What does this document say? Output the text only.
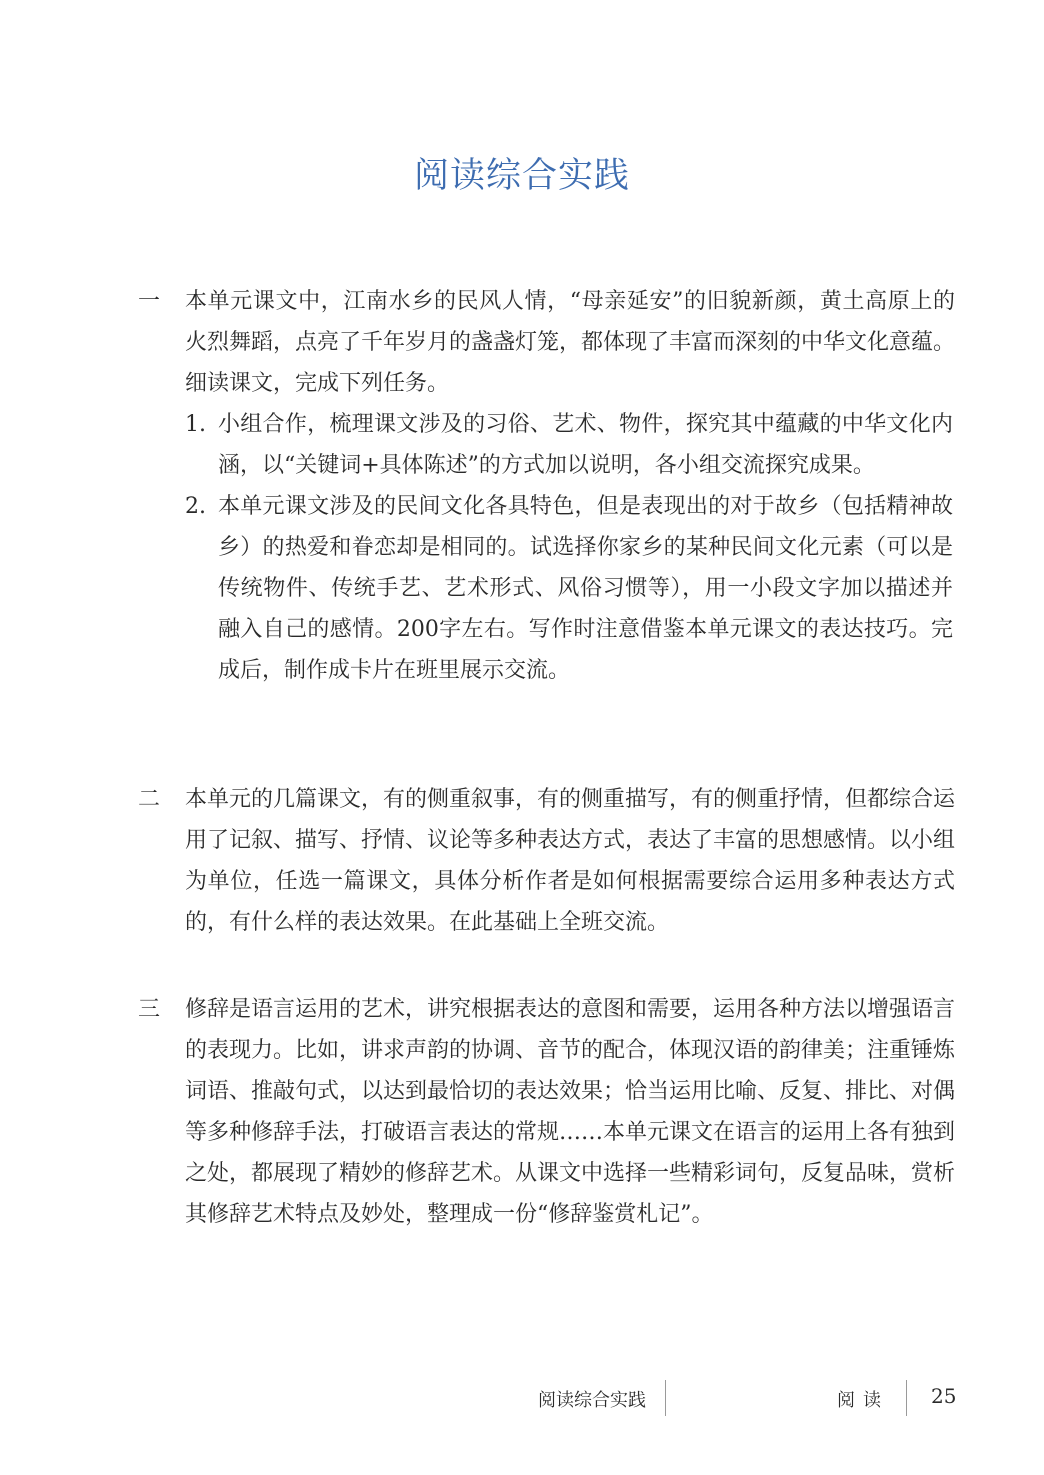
阅读综合实践
一	本单元课文中，江南水乡的民风人情，“母亲延安”的旧貌新颜，黄土高原上的火烈舞蹈，点亮了千年岁月的盏盏灯笼，都体现了丰富而深刻的中华文化意蕴。细读课文，完成下列任务。
1. 小组合作，梳理课文涉及的习俗、艺术、物件，探究其中蕴藏的中华文化内涵，以“关键词+具体陈述”的方式加以说明，各小组交流探究成果。
2. 本单元课文涉及的民间文化各具特色，但是表现出的对于故乡（包括精神故乡）的热爱和眷恋却是相同的。试选择你家乡的某种民间文化元素（可以是传统物件、传统手艺、艺术形式、风俗习惯等），用一小段文字加以描述并融入自己的感情。200字左右。写作时注意借鉴本单元课文的表达技巧。完成后，制作成卡片在班里展示交流。
二	本单元的几篇课文，有的侧重叙事，有的侧重描写，有的侧重抒情，但都综合运用了记叙、描写、抒情、议论等多种表达方式，表达了丰富的思想感情。以小组为单位，任选一篇课文，具体分析作者是如何根据需要综合运用多种表达方式的，有什么样的表达效果。在此基础上全班交流。
三	修辞是语言运用的艺术，讲究根据表达的意图和需要，运用各种方法以增强语言的表现力。比如，讲求声韵的协调、音节的配合，体现汉语的韵律美；注重锤炼词语、推敲句式，以达到最恰切的表达效果；恰当运用比喻、反复、排比、对偶等多种修辞手法，打破语言表达的常规……本单元课文在语言的运用上各有独到之处，都展现了精妙的修辞艺术。从课文中选择一些精彩词句，反复品味，赏析其修辞艺术特点及妙处，整理成一份“修辞鉴赏札记”。
阅读综合实践	阅读 25
